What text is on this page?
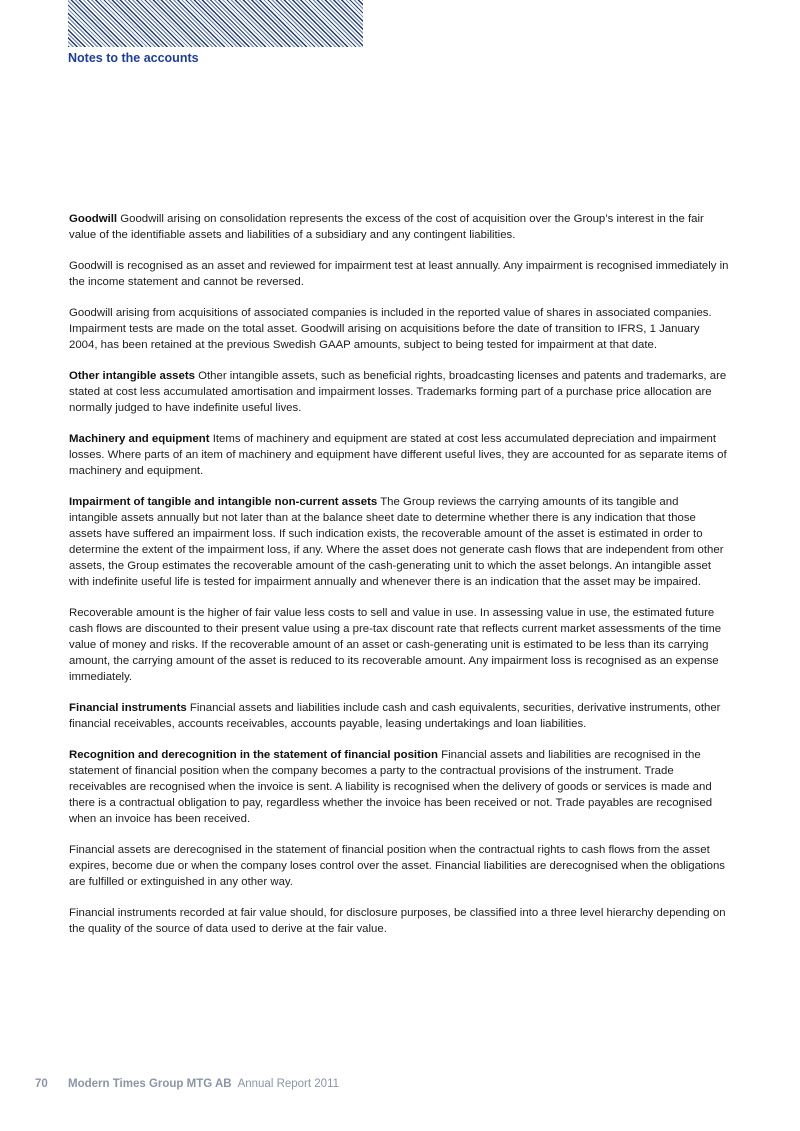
Notes to the accounts

Goodwill Goodwill arising on consolidation represents the excess of the cost of acquisition over the Group’s interest in the fair value of the identifiable assets and liabilities of a subsidiary and any contingent liabilities.

Goodwill is recognised as an asset and reviewed for impairment test at least annually. Any impairment is recognised immediately in the income statement and cannot be reversed.

Goodwill arising from acquisitions of associated companies is included in the reported value of shares in associated companies. Impairment tests are made on the total asset. Goodwill arising on acquisitions before the date of transition to IFRS, 1 January 2004, has been retained at the previous Swedish GAAP amounts, subject to being tested for impairment at that date.

Other intangible assets Other intangible assets, such as beneficial rights, broadcasting licenses and patents and trademarks, are stated at cost less accumulated amortisation and impairment losses. Trademarks forming part of a purchase price allocation are normally judged to have indefinite useful lives.

Machinery and equipment Items of machinery and equipment are stated at cost less accumulated depreciation and impairment losses. Where parts of an item of machinery and equipment have different useful lives, they are accounted for as separate items of machinery and equipment.

Impairment of tangible and intangible non-current assets The Group reviews the carrying amounts of its tangible and intangible assets annually but not later than at the balance sheet date to determine whether there is any indication that those assets have suffered an impairment loss. If such indication exists, the recoverable amount of the asset is estimated in order to determine the extent of the impairment loss, if any. Where the asset does not generate cash flows that are independent from other assets, the Group estimates the recoverable amount of the cash-generating unit to which the asset belongs. An intangible asset with indefinite useful life is tested for impairment annually and whenever there is an indication that the asset may be impaired.

Recoverable amount is the higher of fair value less costs to sell and value in use. In assessing value in use, the estimated future cash flows are discounted to their present value using a pre-tax discount rate that reflects current market assessments of the time value of money and risks. If the recoverable amount of an asset or cash-generating unit is estimated to be less than its carrying amount, the carrying amount of the asset is reduced to its recoverable amount. Any impairment loss is recognised as an expense immediately.

Financial instruments Financial assets and liabilities include cash and cash equivalents, securities, derivative instruments, other financial receivables, accounts receivables, accounts payable, leasing undertakings and loan liabilities.

Recognition and derecognition in the statement of financial position Financial assets and liabilities are recognised in the statement of financial position when the company becomes a party to the contractual provisions of the instrument. Trade receivables are recognised when the invoice is sent. A liability is recognised when the delivery of goods or services is made and there is a contractual obligation to pay, regardless whether the invoice has been received or not. Trade payables are recognised when an invoice has been received.

Financial assets are derecognised in the statement of financial position when the contractual rights to cash flows from the asset expires, become due or when the company loses control over the asset. Financial liabilities are derecognised when the obligations are fulfilled or extinguished in any other way.

Financial instruments recorded at fair value should, for disclosure purposes, be classified into a three level hierarchy depending on the quality of the source of data used to derive at the fair value.

70 Modern Times Group MTG AB Annual Report 2011
